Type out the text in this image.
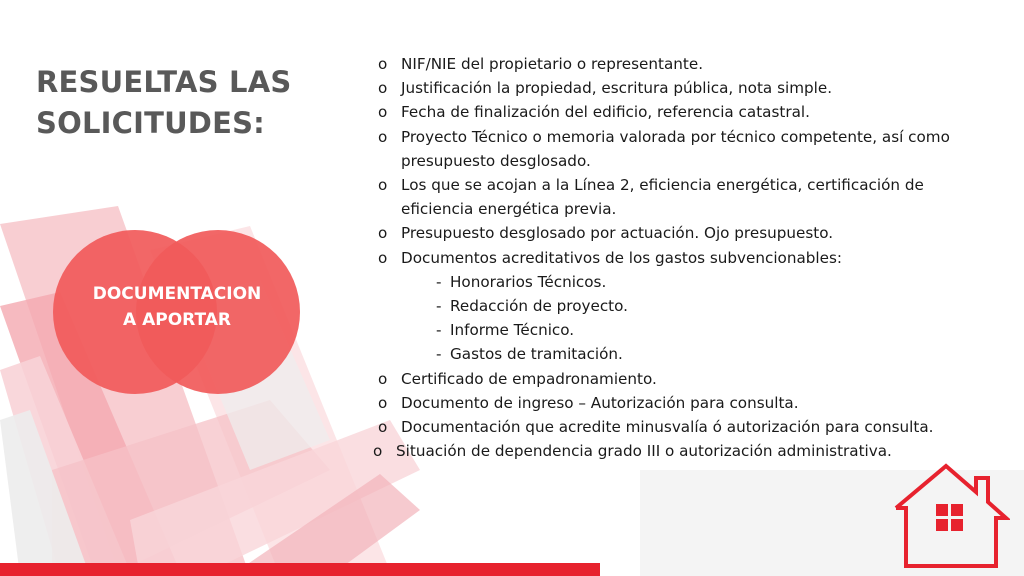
RESUELTAS LAS
SOLICITUDES:
DOCUMENTACION
A APORTAR
o NIF/NIE del propietario o representante.
o Justificación la propiedad, escritura pública, nota simple.
o Fecha de finalización del edificio, referencia catastral.
o Proyecto Técnico o memoria valorada por técnico competente, así como presupuesto desglosado.
o Los que se acojan a la Línea 2, eficiencia energética, certificación de eficiencia energética previa.
o Presupuesto desglosado por actuación. Ojo presupuesto.
o Documentos acreditativos de los gastos subvencionables:
- Honorarios Técnicos.
- Redacción de proyecto.
- Informe Técnico.
- Gastos de tramitación.
o Certificado de empadronamiento.
o Documento de ingreso – Autorización para consulta.
o Documentación que acredite minusvalía ó autorización para consulta.
o Situación de dependencia grado III o autorización administrativa.
